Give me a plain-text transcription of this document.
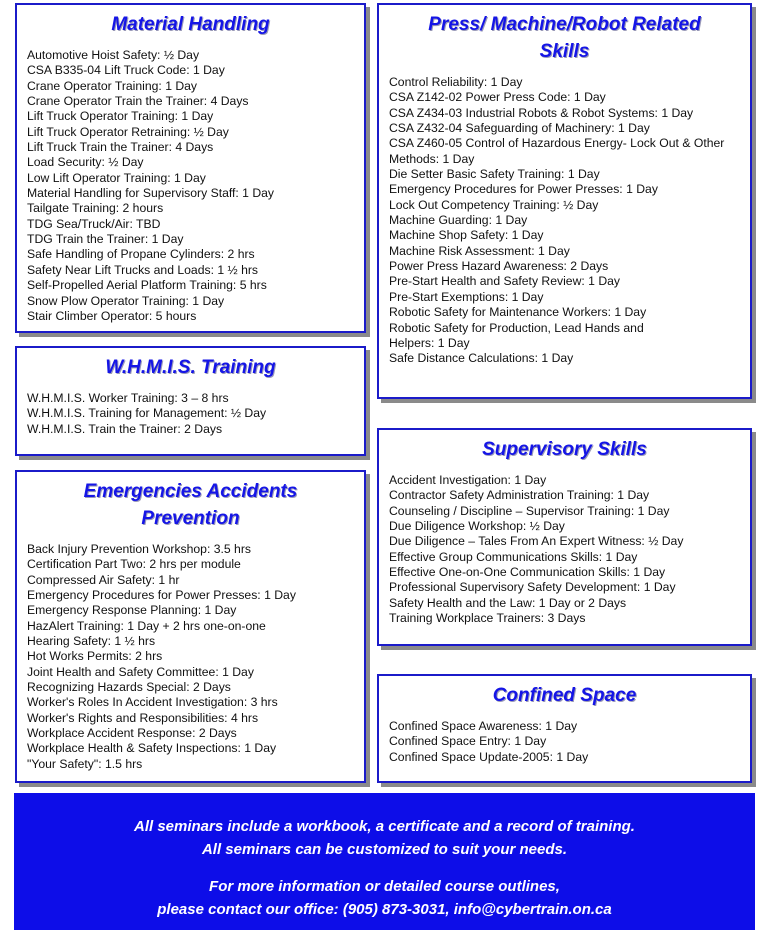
Material Handling
Automotive Hoist Safety: ½ Day
CSA B335-04 Lift Truck Code: 1 Day
Crane Operator Training: 1 Day
Crane Operator Train the Trainer: 4 Days
Lift Truck Operator Training: 1 Day
Lift Truck Operator Retraining: ½ Day
Lift Truck Train the Trainer: 4 Days
Load Security: ½ Day
Low Lift Operator Training: 1 Day
Material Handling for Supervisory Staff: 1 Day
Tailgate Training: 2 hours
TDG Sea/Truck/Air: TBD
TDG Train the Trainer: 1 Day
Safe Handling of Propane Cylinders: 2 hrs
Safety Near Lift Trucks and Loads: 1 ½ hrs
Self-Propelled Aerial Platform Training: 5 hrs
Snow Plow Operator Training: 1 Day
Stair Climber Operator: 5 hours
W.H.M.I.S. Training
W.H.M.I.S. Worker Training: 3 – 8 hrs
W.H.M.I.S. Training for Management: ½ Day
W.H.M.I.S. Train the Trainer: 2 Days
Emergencies Accidents Prevention
Back Injury Prevention Workshop: 3.5 hrs
Certification Part Two: 2 hrs per module
Compressed Air Safety: 1 hr
Emergency Procedures for Power Presses: 1 Day
Emergency Response Planning: 1 Day
HazAlert Training: 1 Day + 2 hrs one-on-one
Hearing Safety: 1 ½ hrs
Hot Works Permits: 2 hrs
Joint Health and Safety Committee: 1 Day
Recognizing Hazards Special: 2 Days
Worker's Roles In Accident Investigation: 3 hrs
Worker's Rights and Responsibilities: 4 hrs
Workplace Accident Response: 2 Days
Workplace Health & Safety Inspections: 1 Day
"Your Safety": 1.5 hrs
Press/ Machine/Robot Related Skills
Control Reliability: 1 Day
CSA Z142-02 Power Press Code: 1 Day
CSA Z434-03 Industrial Robots & Robot Systems: 1 Day
CSA Z432-04 Safeguarding of Machinery: 1 Day
CSA Z460-05 Control of Hazardous Energy- Lock Out & Other Methods: 1 Day
Die Setter Basic Safety Training: 1 Day
Emergency Procedures for Power Presses: 1 Day
Lock Out Competency Training: ½ Day
Machine Guarding: 1 Day
Machine Shop Safety: 1 Day
Machine Risk Assessment: 1 Day
Power Press Hazard Awareness: 2 Days
Pre-Start Health and Safety Review: 1 Day
Pre-Start Exemptions: 1 Day
Robotic Safety for Maintenance Workers: 1 Day
Robotic Safety for Production, Lead Hands and Helpers: 1 Day
Safe Distance Calculations: 1 Day
Supervisory Skills
Accident Investigation: 1 Day
Contractor Safety Administration Training: 1 Day
Counseling / Discipline – Supervisor Training: 1 Day
Due Diligence Workshop: ½ Day
Due Diligence – Tales From An Expert Witness: ½ Day
Effective Group Communications Skills: 1 Day
Effective One-on-One Communication Skills: 1 Day
Professional Supervisory Safety Development: 1 Day
Safety Health and the Law: 1 Day or 2 Days
Training Workplace Trainers: 3 Days
Confined Space
Confined Space Awareness: 1 Day
Confined Space Entry: 1 Day
Confined Space Update-2005: 1 Day

All seminars include a workbook, a certificate and a record of training.

All seminars can be customized to suit your needs.

For more information or detailed course outlines,

please contact our office: (905) 873-3031, info@cybertrain.on.ca
